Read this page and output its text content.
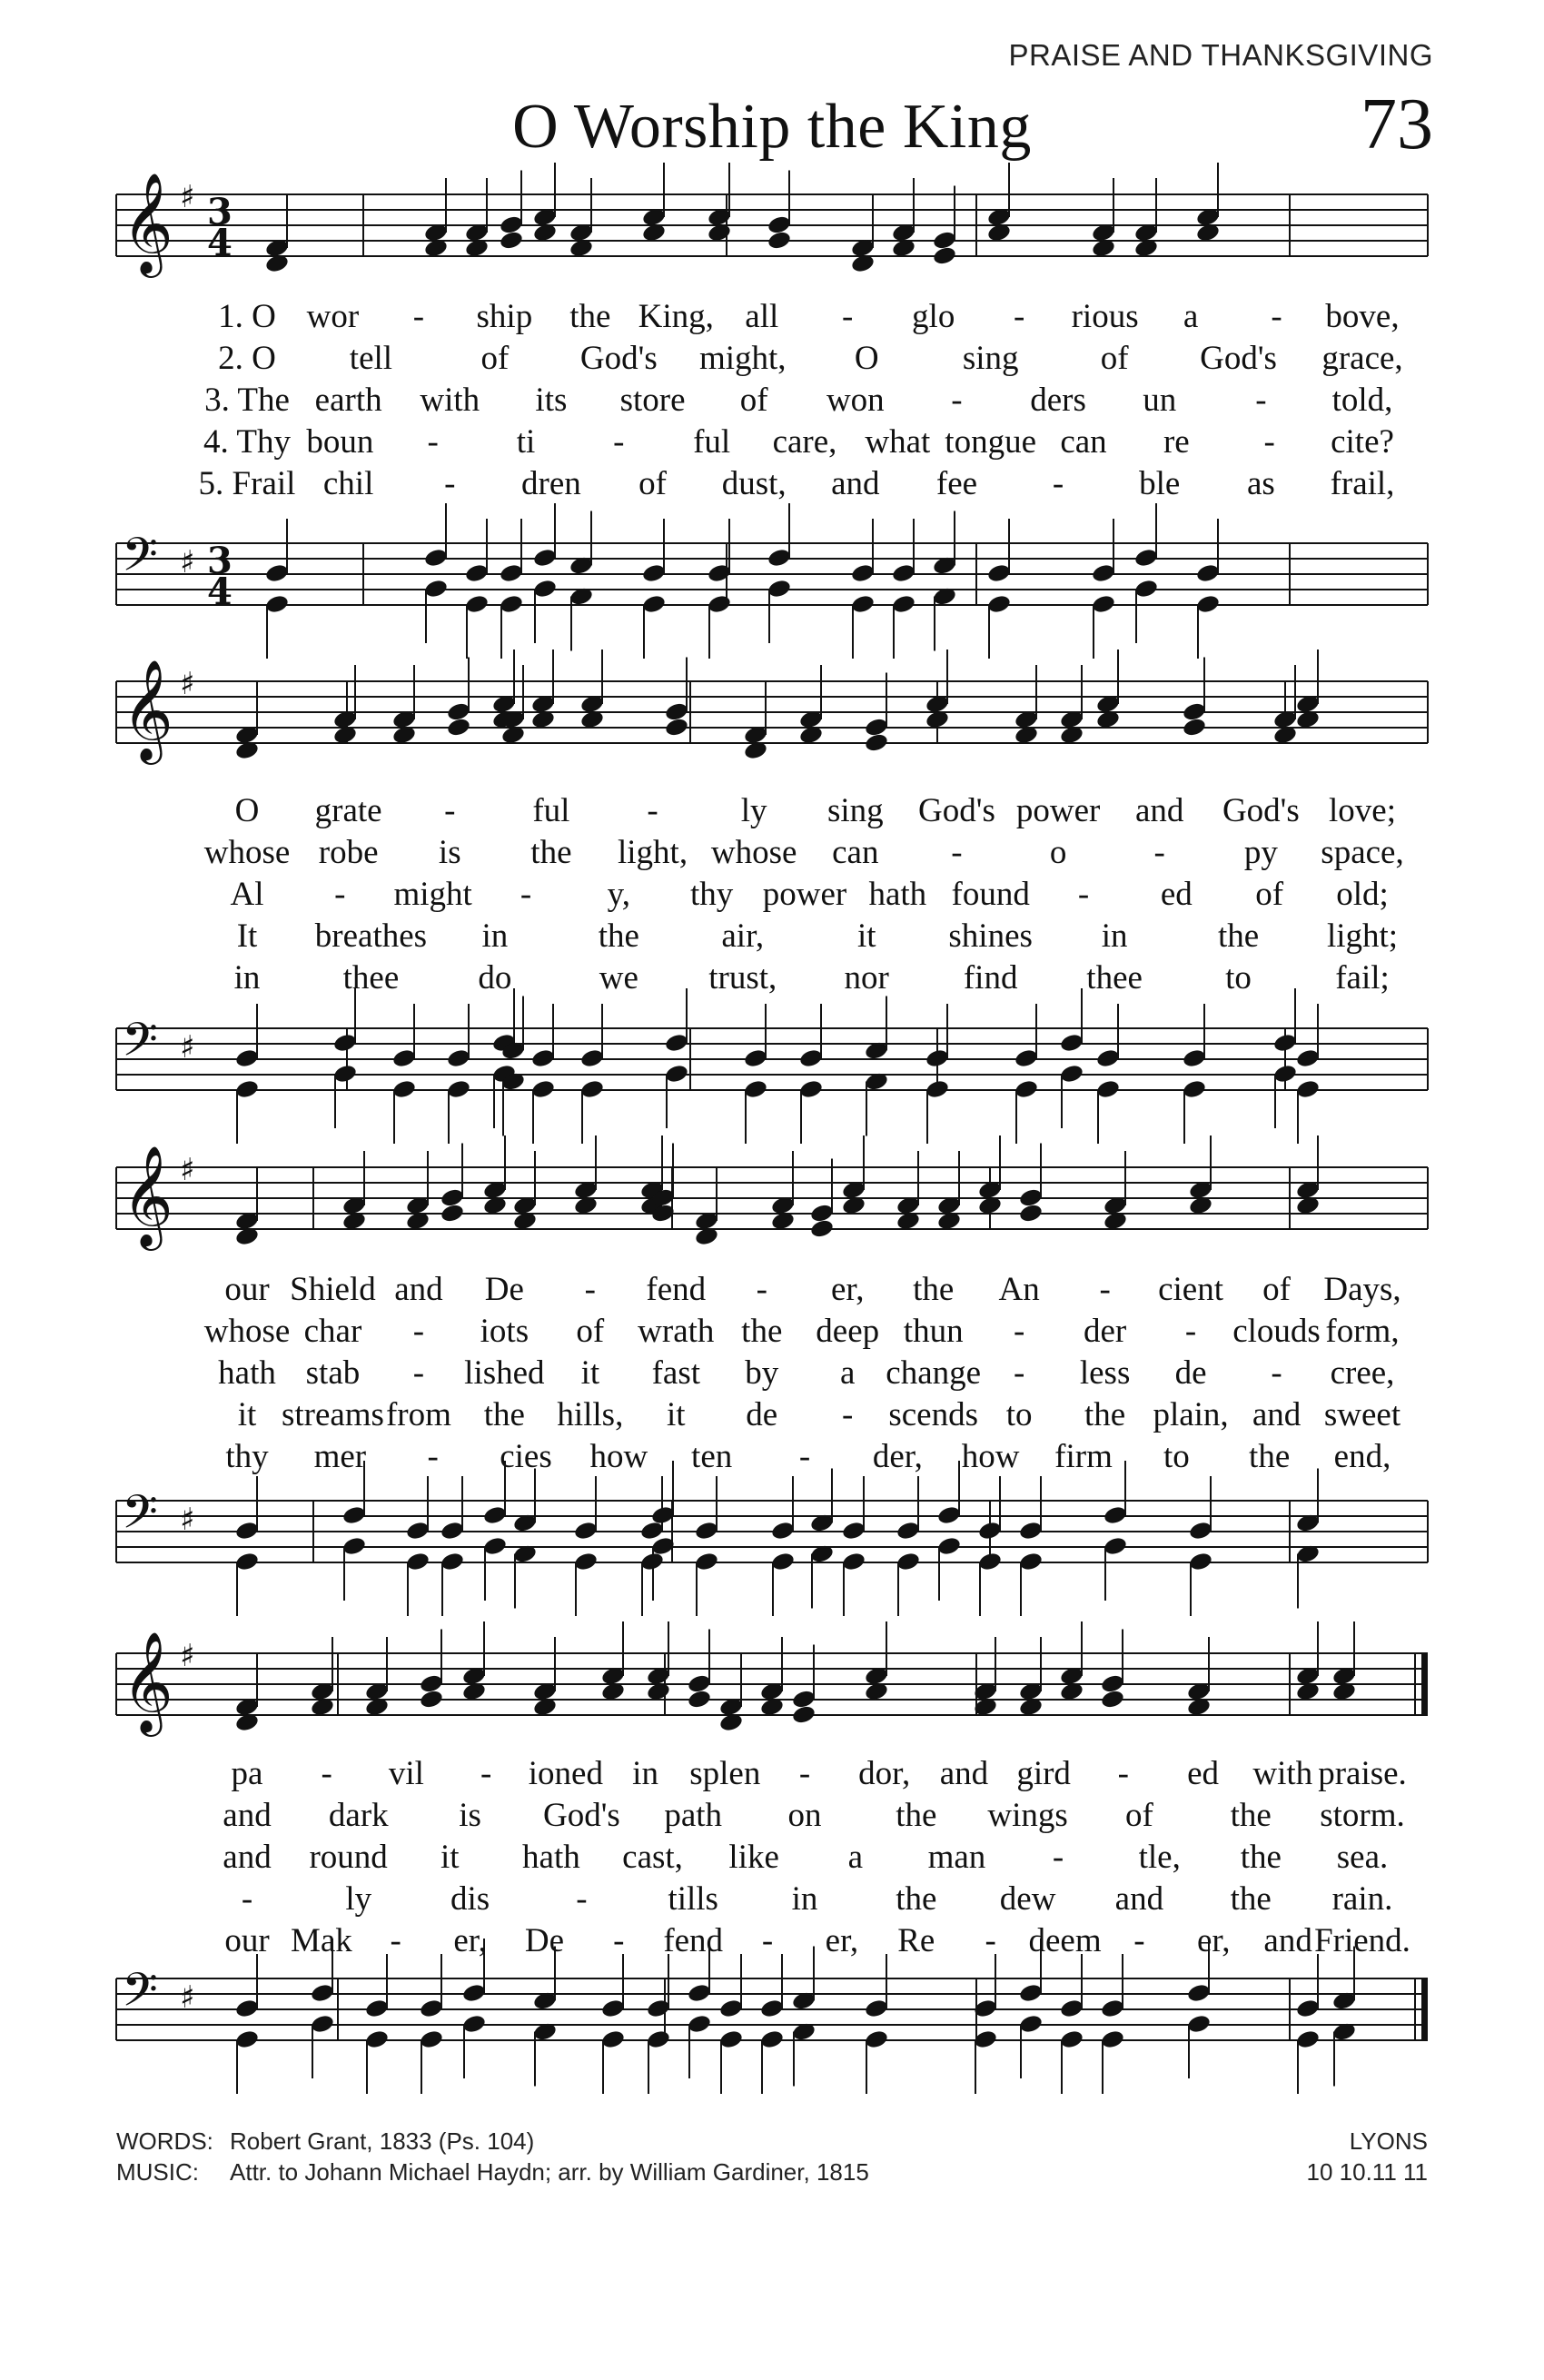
PRAISE AND THANKSGIVING
O Worship the King	73
𝄞 ♯ 3
4
𝄢 ♯ 3
4
1. O wor - ship the King, all - glo - rious a - bove,
2. O tell	of God's might, O sing of God's grace,
3. The earth with its store of won - ders un - told,
4. Thy boun - ti - ful care, what tongue can re - cite?
5. Frail chil - dren of dust, and fee - ble as frail,
𝄞 ♯
𝄢 ♯
O grate - ful - ly sing God's power and God's love;
whose robe is the light, whose can -	o	- py space,
Al - might - y, thy power hath found - ed of old;
It breathes in	the air,	it shines in	the light;
in thee do	we trust, nor find thee to fail;
𝄞 ♯
𝄢 ♯
our Shield and De - fend - er, the An - cient of Days,
whose char - iots of wrath the deep thun - der - clouds form,
hath stab - lished it fast by a change - less de - cree,
it streams from the hills, it de - scends to the plain, and sweet
thy mer - cies how ten - der, how firm to the end,
𝄞 ♯
𝄢 ♯
pa - vil - ioned in splen - dor, and gird - ed with praise.
and dark is God's path on the wings of the storm.
and round it hath cast, like a man - tle, the sea.
-	ly dis	- tills in the dew and the rain.
our Mak - er, De - fend - er, Re - deem - er, and Friend.
WORDS: Robert Grant, 1833 (Ps. 104)
MUSIC: Attr. to Johann Michael Haydn; arr. by William Gardiner, 1815
LYONS
10 10.11 11
